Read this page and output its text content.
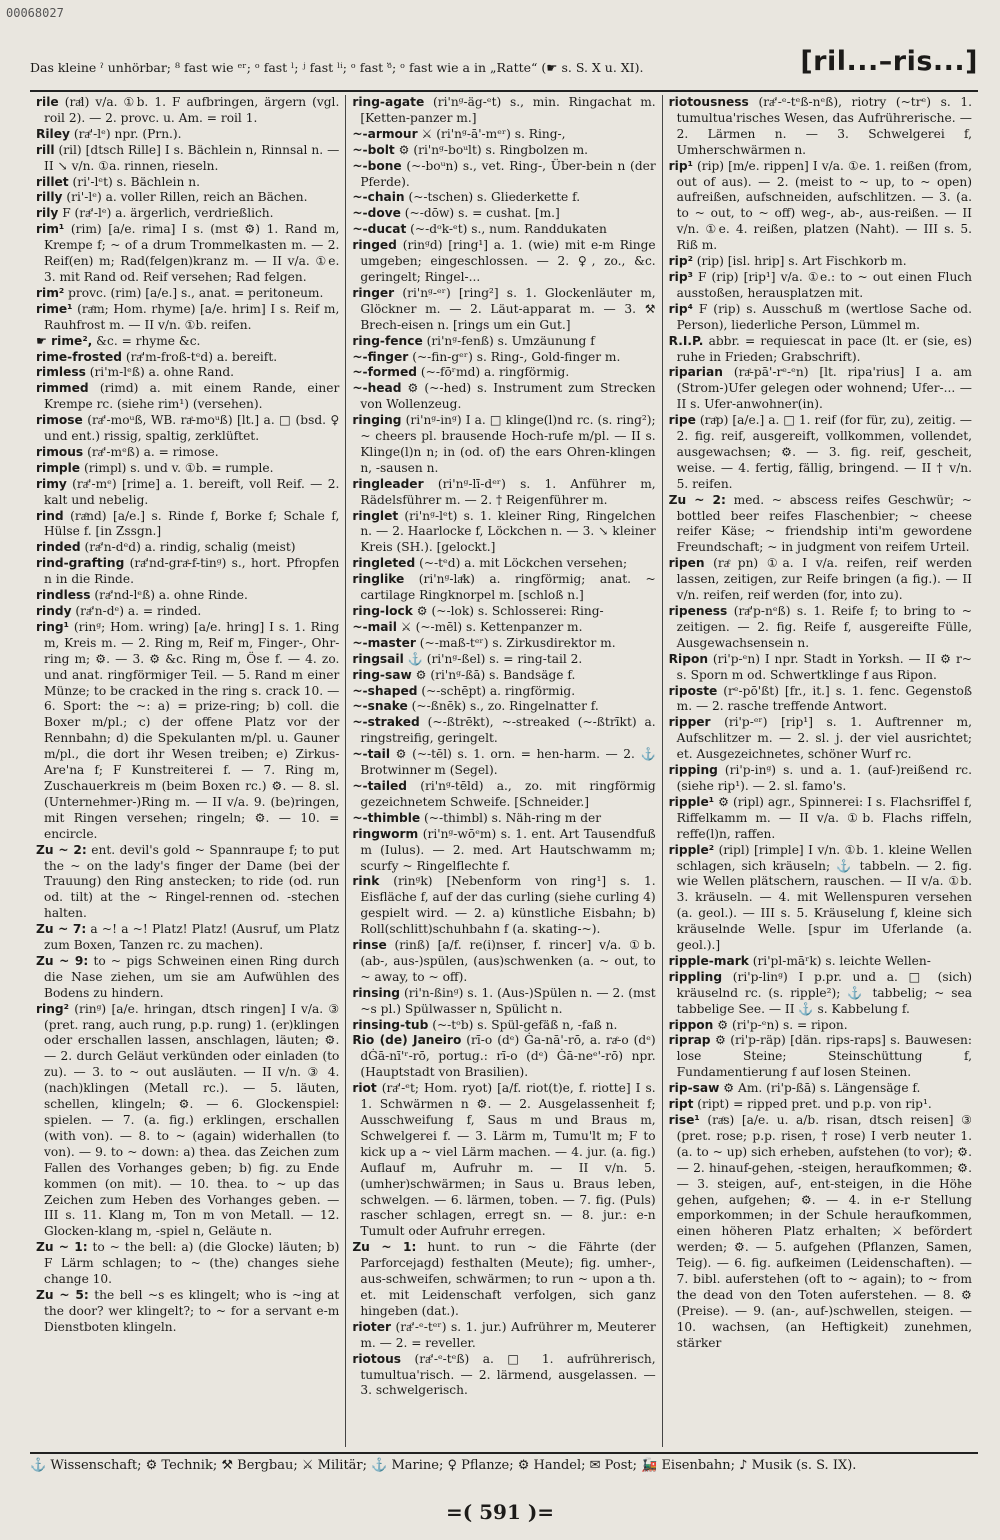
00068027
Das kleine ˀ unhörbar; ⁸ fast wie ᵉʳ; ᵒ fast ˡ; ʲ fast ˡⁱ; ᵒ fast ᵒ̈; ᵒ fast wie a in „Ratte“ (☛ s. S. X u. XI).	[ril...–ris...]

rile (raͤl) v/a. ①b. 1. F aufbringen, ärgern (vgl. roil 2). — 2. provc. u. Am. = roil 1.

Riley (raͤ'-lᵉ) npr. (Prn.).

rill (ril) [dtsch Rille] I s. Bächlein n, Rinnsal n. — II ↘ v/n. ①a. rinnen, rieseln.

rillet (ri'-lᵉt) s. Bächlein n.

rilly (ri'-lᵉ) a. voller Rillen, reich an Bächen.

rily F (raͤ'-lᵉ) a. ärgerlich, verdrießlich.

rim¹ (rim) [a/e. rima] I s. (mst ⚙) 1. Rand m, Krempe f; ~ of a drum Trommelkasten m. — 2. Reif(en) m; Rad(felgen)kranz m. — II v/a. ①e. 3. mit Rand od. Reif versehen; Rad felgen.

rim² provc. (rim) [a/e.] s., anat. = peritoneum.

rime¹ (raͤm; Hom. rhyme) [a/e. hrim] I s. Reif m, Rauhfrost m. — II v/n. ①b. reifen.

☛ rime², &c. = rhyme &c.

rime-frosted (raͤ'm-froß-tᵉd) a. bereift.

rimless (ri'm-lᵉß) a. ohne Rand.

rimmed (rimd) a. mit einem Rande, einer Krempe rc. (siehe rim¹) (versehen).

rimose (raͤ'-moᵘß, WB. raͤ-moᵘß) [lt.] a. □ (bsd. ♀ und ent.) rissig, spaltig, zerklüftet.

rimous (raͤ'-mᵉß) a. = rimose.

rimple (rimpl) s. und v. ①b. = rumple.

rimy (raͤ'-mᵉ) [rime] a. 1. bereift, voll Reif. — 2. kalt und nebelig.

rind (raͤnd) [a/e.] s. Rinde f, Borke f; Schale f, Hülse f. [in Zssgn.]

rinded (raͤ'n-dᵉd) a. rindig, schalig (meist)

rind-grafting (raͤ'nd-graͤ-f-tinᵍ) s., hort. Pfropfen n in die Rinde.

rindless (raͤ'nd-lᵉß) a. ohne Rinde.

rindy (raͤ'n-dᵉ) a. = rinded.

ring¹ (rinᵍ; Hom. wring) [a/e. hring] I s. 1. Ring m, Kreis m. — 2. Ring m, Reif m, Finger-, Ohr-ring m; ⚙. — 3. ⚙ &c. Ring m, Öse f. — 4. zo. und anat. ringförmiger Teil. — 5. Rand m einer Münze; to be cracked in the ring s. crack 10. — 6. Sport: the ~: a) = prize-ring; b) coll. die Boxer m/pl.; c) der offene Platz vor der Rennbahn; d) die Spekulanten m/pl. u. Gauner m/pl., die dort ihr Wesen treiben; e) Zirkus-Are'na f; F Kunstreiterei f. — 7. Ring m, Zuschauerkreis m (beim Boxen rc.) ⚙. — 8. sl. (Unternehmer-)Ring m. — II v/a. 9. (be)ringen, mit Ringen versehen; ringeln; ⚙. — 10. = encircle.

Zu ~ 2: ent. devil's gold ~ Spannraupe f; to put the ~ on the lady's finger der Dame (bei der Trauung) den Ring anstecken; to ride (od. run od. tilt) at the ~ Ringel-rennen od. -stechen halten.

Zu ~ 7: a ~! a ~! Platz! Platz! (Ausruf, um Platz zum Boxen, Tanzen rc. zu machen).

Zu ~ 9: to ~ pigs Schweinen einen Ring durch die Nase ziehen, um sie am Aufwühlen des Bodens zu hindern.

ring² (rinᵍ) [a/e. hringan, dtsch ringen] I v/a. ③ (pret. rang, auch rung, p.p. rung) 1. (er)klingen oder erschallen lassen, anschlagen, läuten; ⚙. — 2. durch Geläut verkünden oder einladen (to zu). — 3. to ~ out ausläuten. — II v/n. ③ 4. (nach)klingen (Metall rc.). — 5. läuten, schellen, klingeln; ⚙. — 6. Glockenspiel: spielen. — 7. (a. fig.) erklingen, erschallen (with von). — 8. to ~ (again) widerhallen (to von). — 9. to ~ down: a) thea. das Zeichen zum Fallen des Vorhanges geben; b) fig. zu Ende kommen (on mit). — 10. thea. to ~ up das Zeichen zum Heben des Vorhanges geben. — III s. 11. Klang m, Ton m von Metall. — 12. Glocken-klang m, -spiel n, Geläute n.

Zu ~ 1: to ~ the bell: a) (die Glocke) läuten; b) F Lärm schlagen; to ~ (the) changes siehe change 10.

Zu ~ 5: the bell ~s es klingelt; who is ~ing at the door? wer klingelt?; to ~ for a servant e-m Dienstboten klingeln.

ring-agate (ri'nᵍ-äg-ᵉt) s., min. Ringachat m. [Ketten-panzer m.]

~-armour ⚔ (ri'nᵍ-ā'-mᵉʳ) s. Ring-,

~-bolt ⚙ (ri'nᵍ-boᵘlt) s. Ringbolzen m.

~-bone (~-boᵘn) s., vet. Ring-, Über-bein n (der Pferde).

~-chain (~-tschen) s. Gliederkette f.

~-dove (~-dōw) s. = cushat. [m.]

~-ducat (~-dᵒk-ᵉt) s., num. Randdukaten

ringed (rinᵍd) [ring¹] a. 1. (wie) mit e-m Ringe umgeben; eingeschlossen. — 2. ♀, zo., &c. geringelt; Ringel-...

ringer (ri'nᵍ-ᵉʳ) [ring²] s. 1. Glockenläuter m, Glöckner m. — 2. Läut-apparat m. — 3. ⚒ Brech-eisen n. [rings um ein Gut.]

ring-fence (ri'nᵍ-fenß) s. Umzäunung f

~-finger (~-fin-gᵉʳ) s. Ring-, Gold-finger m.

~-formed (~-fōʳmd) a. ringförmig.

~-head ⚙ (~-hed) s. Instrument zum Strecken von Wollenzeug.

ringing (ri'nᵍ-inᵍ) I a. □ klinge(l)nd rc. (s. ring²); ~ cheers pl. brausende Hoch-rufe m/pl. — II s. Klinge(l)n n; in (od. of) the ears Ohren-klingen n, -sausen n.

ringleader (ri'nᵍ-lī-dᵉʳ) s. 1. Anführer m, Rädelsführer m. — 2. † Reigenführer m.

ringlet (ri'nᵍ-lᵉt) s. 1. kleiner Ring, Ringelchen n. — 2. Haarlocke f, Löckchen n. — 3. ↘ kleiner Kreis (SH.). [gelockt.]

ringleted (~-tᵉd) a. mit Löckchen versehen;

ringlike (ri'nᵍ-laͤk) a. ringförmig; anat. ~ cartilage Ringknorpel m. [schloß n.]

ring-lock ⚙ (~-lok) s. Schlosserei: Ring-

~-mail ⚔ (~-mēl) s. Kettenpanzer m.

~-master (~-maß-tᵉʳ) s. Zirkusdirektor m.

ringsail ⚓ (ri'nᵍ-ßel) s. = ring-tail 2.

ring-saw ⚙ (ri'nᵍ-ßā) s. Bandsäge f.

~-shaped (~-schēpt) a. ringförmig.

~-snake (~-ßnēk) s., zo. Ringelnatter f.

~-straked (~-ßtrēkt), ~-streaked (~-ßtrīkt) a. ringstreifig, geringelt.

~-tail ⚙ (~-tēl) s. 1. orn. = hen-harm. — 2. ⚓ Brotwinner m (Segel).

~-tailed (ri'nᵍ-tēld) a., zo. mit ringförmig gezeichnetem Schweife. [Schneider.]

~-thimble (~-thimbl) s. Näh-ring m der

ringworm (ri'nᵍ-wōᵉm) s. 1. ent. Art Tausendfuß m (Iulus). — 2. med. Art Hautschwamm m; scurfy ~ Ringelflechte f.

rink (rinᵍk) [Nebenform von ring¹] s. 1. Eisfläche f, auf der das curling (siehe curling 4) gespielt wird. — 2. a) künstliche Eisbahn; b) Roll(schlitt)schuhbahn f (a. skating-~).

rinse (rinß) [a/f. re(i)nser, f. rincer] v/a. ①b. (ab-, aus-)spülen, (aus)schwenken (a. ~ out, to ~ away, to ~ off).

rinsing (ri'n-ßinᵍ) s. 1. (Aus-)Spülen n. — 2. (mst ~s pl.) Spülwasser n, Spülicht n.

rinsing-tub (~-tᵒb) s. Spül-gefäß n, -faß n.

Rio (de) Janeiro (rī-o (dᵉ) Ġa-nā'-rō, a. raͤ-o (dᵉ) dĠā-nī'ʳ-rō, portug.: rī-o (dᵉ) Ġā-neᵉ'-rō) npr. (Hauptstadt von Brasilien).

riot (raͤ'-ᵉt; Hom. ryot) [a/f. riot(t)e, f. riotte] I s. 1. Schwärmen n ⚙. — 2. Ausgelassenheit f; Ausschweifung f, Saus m und Braus m, Schwelgerei f. — 3. Lärm m, Tumu'lt m; F to kick up a ~ viel Lärm machen. — 4. jur. (a. fig.) Auflauf m, Aufruhr m. — II v/n. 5. (umher)schwärmen; in Saus u. Braus leben, schwelgen. — 6. lärmen, toben. — 7. fig. (Puls) rascher schlagen, erregt sn. — 8. jur.: e-n Tumult oder Aufruhr erregen.

Zu ~ 1: hunt. to run ~ die Fährte (der Parforcejagd) festhalten (Meute); fig. umher-, aus-schweifen, schwärmen; to run ~ upon a th. et. mit Leidenschaft verfolgen, sich ganz hingeben (dat.).

rioter (raͤ'-ᵉ-tᵉʳ) s. 1. jur.) Aufrührer m, Meuterer m. — 2. = reveller.

riotous (raͤ'-ᵉ-tᵉß) a. □ 1. aufrührerisch, tumultua'risch. — 2. lärmend, ausgelassen. — 3. schwelgerisch.

riotousness (raͤ'-ᵉ-tᵉß-nᵉß), riotry (~trᵉ) s. 1. tumultua'risches Wesen, das Aufrührerische. — 2. Lärmen n. — 3. Schwelgerei f, Umherschwärmen n.

rip¹ (rip) [m/e. rippen] I v/a. ①e. 1. reißen (from, out of aus). — 2. (meist to ~ up, to ~ open) aufreißen, aufschneiden, aufschlitzen. — 3. (a. to ~ out, to ~ off) weg-, ab-, aus-reißen. — II v/n. ①e. 4. reißen, platzen (Naht). — III s. 5. Riß m.

rip² (rip) [isl. hrip] s. Art Fischkorb m.

rip³ F (rip) [rip¹] v/a. ①e.: to ~ out einen Fluch ausstoßen, herausplatzen mit.

rip⁴ F (rip) s. Ausschuß m (wertlose Sache od. Person), liederliche Person, Lümmel m.

R.I.P. abbr. = requiescat in pace (lt. er (sie, es) ruhe in Frieden; Grabschrift).

riparian (raͤ-pā'-rᵉ-ᵉn) [lt. ripa'rius] I a. am (Strom-)Ufer gelegen oder wohnend; Ufer-... — II s. Ufer-anwohner(in).

ripe (raͤp) [a/e.] a. □ 1. reif (for für, zu), zeitig. — 2. fig. reif, ausgereift, vollkommen, vollendet, ausgewachsen; ⚙. — 3. fig. reif, gescheit, weise. — 4. fertig, fällig, bringend. — II † v/n. 5. reifen.

Zu ~ 2: med. ~ abscess reifes Geschwür; ~ bottled beer reifes Flaschenbier; ~ cheese reifer Käse; ~ friendship inti'm gewordene Freundschaft; ~ in judgment von reifem Urteil.

ripen (raͤ pn) ①a. I v/a. reifen, reif werden lassen, zeitigen, zur Reife bringen (a fig.). — II v/n. reifen, reif werden (for, into zu).

ripeness (raͤ'p-nᵉß) s. 1. Reife f; to bring to ~ zeitigen. — 2. fig. Reife f, ausgereifte Fülle, Ausgewachsensein n.

Ripon (ri'p-ᵉn) I npr. Stadt in Yorksh. — II ⚙ r~ s. Sporn m od. Schwertklinge f aus Ripon.

riposte (rᵉ-pō'ßt) [fr., it.] s. 1. fenc. Gegenstoß m. — 2. rasche treffende Antwort.

ripper (ri'p-ᵉʳ) [rip¹] s. 1. Auftrenner m, Aufschlitzer m. — 2. sl. j. der viel ausrichtet; et. Ausgezeichnetes, schöner Wurf rc.

ripping (ri'p-inᵍ) s. und a. 1. (auf-)reißend rc. (siehe rip¹). — 2. sl. famo's.

ripple¹ ⚙ (ripl) agr., Spinnerei: I s. Flachsriffel f, Riffelkamm m. — II v/a. ①b. Flachs riffeln, reffe(l)n, raffen.

ripple² (ripl) [rimple] I v/n. ①b. 1. kleine Wellen schlagen, sich kräuseln; ⚓ tabbeln. — 2. fig. wie Wellen plätschern, rauschen. — II v/a. ①b. 3. kräuseln. — 4. mit Wellenspuren versehen (a. geol.). — III s. 5. Kräuselung f, kleine sich kräuselnde Welle. [spur im Uferlande (a. geol.).]

ripple-mark (ri'pl-māʳk) s. leichte Wellen-

rippling (ri'p-linᵍ) I p.pr. und a. □ (sich) kräuselnd rc. (s. ripple²); ⚓ tabbelig; ~ sea tabbelige See. — II ⚓ s. Kabbelung f.

rippon ⚙ (ri'p-ᵉn) s. = ripon.

riprap ⚙ (ri'p-räp) [dän. rips-raps] s. Bauwesen: lose Steine; Steinschüttung f, Fundamentierung f auf losen Steinen.

rip-saw ⚙ Am. (ri'p-ßā) s. Längensäge f.

ript (ript) = ripped pret. und p.p. von rip¹.

rise¹ (raͤs) [a/e. u. a/b. risan, dtsch reisen] ③ (pret. rose; p.p. risen, † rose) I verb neuter 1. (a. to ~ up) sich erheben, aufstehen (to vor); ⚙. — 2. hinauf-gehen, -steigen, heraufkommen; ⚙. — 3. steigen, auf-, ent-steigen, in die Höhe gehen, aufgehen; ⚙. — 4. in e-r Stellung emporkommen; in der Schule heraufkommen, einen höheren Platz erhalten; ⚔ befördert werden; ⚙. — 5. aufgehen (Pflanzen, Samen, Teig). — 6. fig. aufkeimen (Leidenschaften). — 7. bibl. auferstehen (oft to ~ again); to ~ from the dead von den Toten auferstehen. — 8. ⚙ (Preise). — 9. (an-, auf-)schwellen, steigen. — 10. wachsen, (an Heftigkeit) zunehmen, stärker

⚓ Wissenschaft; ⚙ Technik; ⚒ Bergbau; ⚔ Militär; ⚓ Marine; ♀ Pflanze; ⚙ Handel; ✉ Post; 🚂 Eisenbahn; ♪ Musik (s. S. IX).
=( 591 )=
